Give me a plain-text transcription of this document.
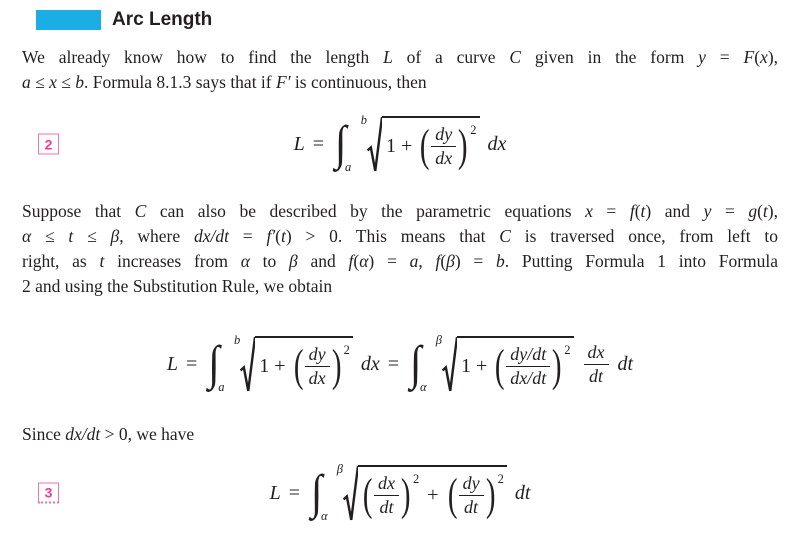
Arc Length
We already know how to find the length L of a curve C given in the form y = F(x),
a ≤ x ≤ b. Formula 8.1.3 says that if F′ is continuous, then
2	L = ∫ b
a
1 + ( $\frac{dy}{dx}$ ) 2
dx
Suppose that C can also be described by the parametric equations x = f(t) and y = g(t),
α ≤ t ≤ β, where dx/dt = f′(t) > 0. This means that C is traversed once, from left to
right, as t increases from α to β and f(α) = a, f(β) = b. Putting Formula 1 into Formula
2 and using the Substitution Rule, we obtain
L = ∫ b
a
1 + ( $\frac{dy}{dx}$ ) 2
dx = ∫ β
α
1 + ( $\frac{dy/dt}{dx/dt}$ ) $2 \frac{dx}{dt}$ dt
Since dx/dt > 0, we have
3	L = ∫ β
α ( $\frac{dx}{dt}$ ) 2
+ ( $\frac{dy}{dt}$ ) 2
dt
